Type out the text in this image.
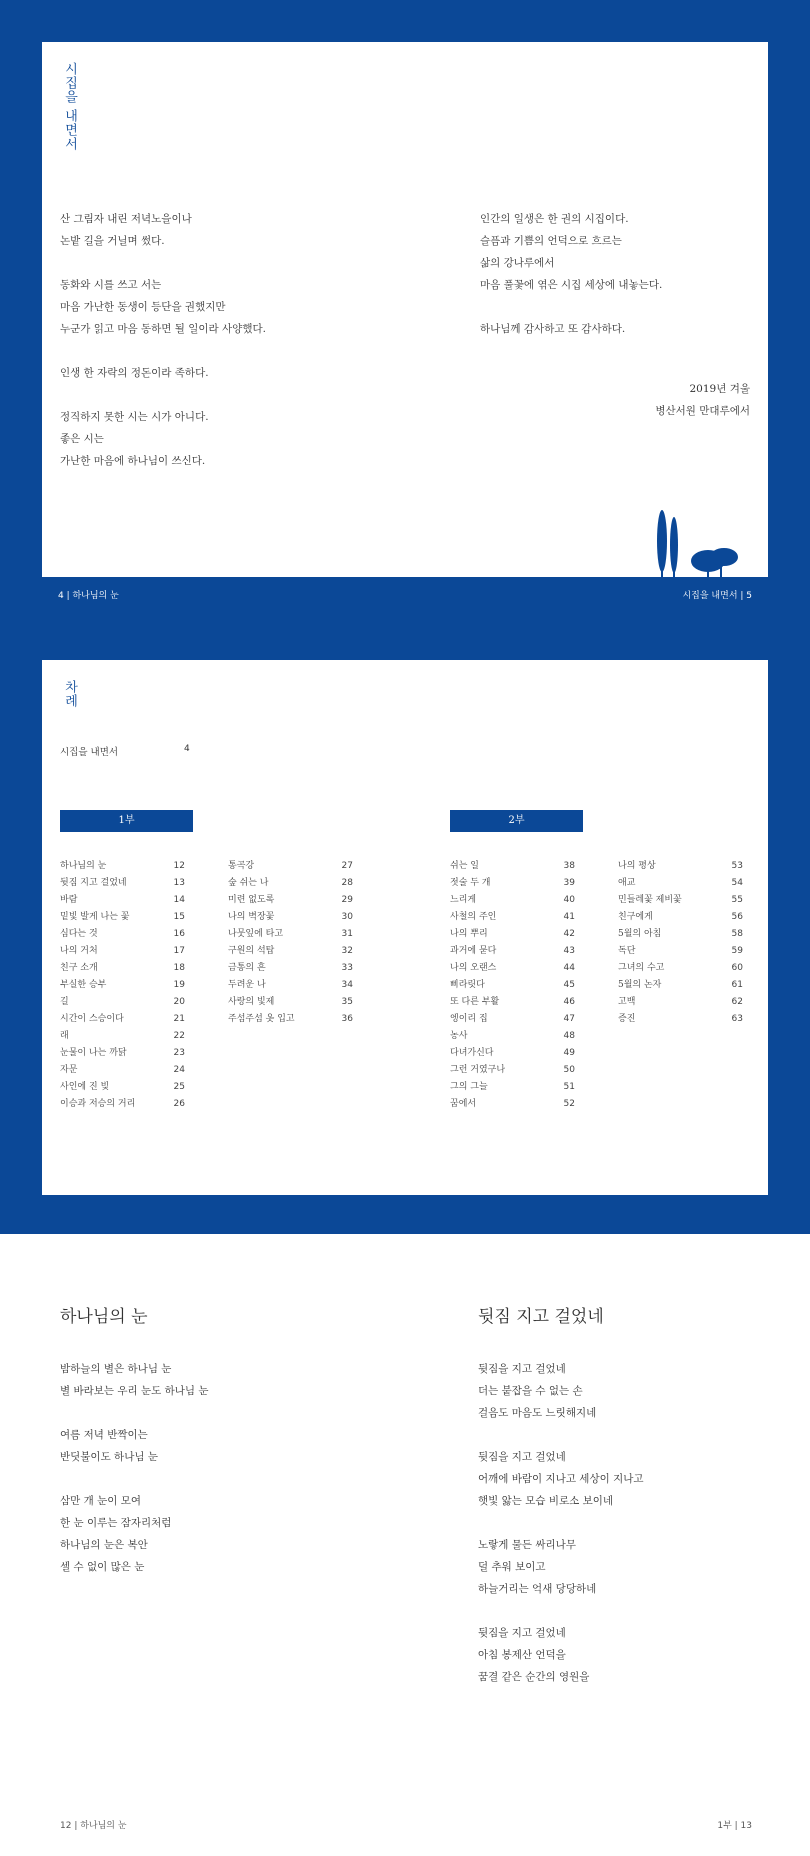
시집을 내면서
산 그림자 내린 저녁노을이나
논밭 길을 거닐며 썼다.
동화와 시를 쓰고 서는
마음 가난한 동생이 등단을 권했지만
누군가 읽고 마음 동하면 될 일이라 사양했다.
인생 한 자락의 정돈이라 족하다.
정직하지 못한 시는 시가 아니다.
좋은 시는
가난한 마음에 하나님이 쓰신다.
인간의 일생은 한 권의 시집이다.
슬픔과 기쁨의 언덕으로 흐르는
삶의 강나루에서
마음 풀꽃에 엮은 시집 세상에 내놓는다.
하나님께 감사하고 또 감사하다.
2019년 겨울
병산서원 만대루에서
4 | 하나님의 눈	시집을 내면서 | 5
차례
시집을 내면서	4
1부	2부
하나님의 눈	12
뒷짐 지고 걸었네	13
바람	14
밑빛 발게 나는 꽃	15
심다는 것	16
나의 거처	17
친구 소개	18
부실한 승부	19
길	20
시간이 스승이다	21
래	22
눈물이 나는 까닭	23
자문	24
사인에 진 빚	25
이승과 저승의 거리	26
통곡강	27
숲 쉬는 나	28
미련 없도록	29
나의 벽장꽃	30
나뭇잎에 타고	31
구원의 석탑	32
금통의 흔	33
두려운 나	34
사랑의 빛제	35
주섬주섬 옷 입고	36
쉬는 일	38
젓술 두 개	39
느리게	40
사철의 주인	41
나의 뿌리	42
과거에 묻다	43
나의 오랜스	44
삐라릿다	45
또 다른 부활	46
엥이리 집	47
농사	48
다녀가신다	49
그런 거였구나	50
그의 그늘	51
꿈에서	52
나의 평상	53
애교	54
민들레꽃 제비꽃	55
친구에게	56
5월의 아침	58
독단	59
그녀의 수고	60
5월의 논자	61
고백	62
증진	63
하나님의 눈
밤하늘의 별은 하나님 눈
별 바라보는 우리 눈도 하나님 눈
여름 저녁 반짝이는
반딧불이도 하나님 눈
삼만 개 눈이 모여
한 눈 이루는 잠자리처럼
하나님의 눈은 복안
셀 수 없이 많은 눈
뒷짐 지고 걸었네
뒷짐을 지고 걸었네
더는 붙잡을 수 없는 손
걸음도 마음도 느릿해지네
뒷짐을 지고 걸었네
어깨에 바람이 지나고 세상이 지나고
햇빛 앓는 모습 비로소 보이네
노랗게 물든 싸리나무
덜 추워 보이고
하늘거리는 억새 당당하네
뒷짐을 지고 걸었네
아침 봉제산 언덕을
꿈결 같은 순간의 영원을
12 | 하나님의 눈	1부 | 13
